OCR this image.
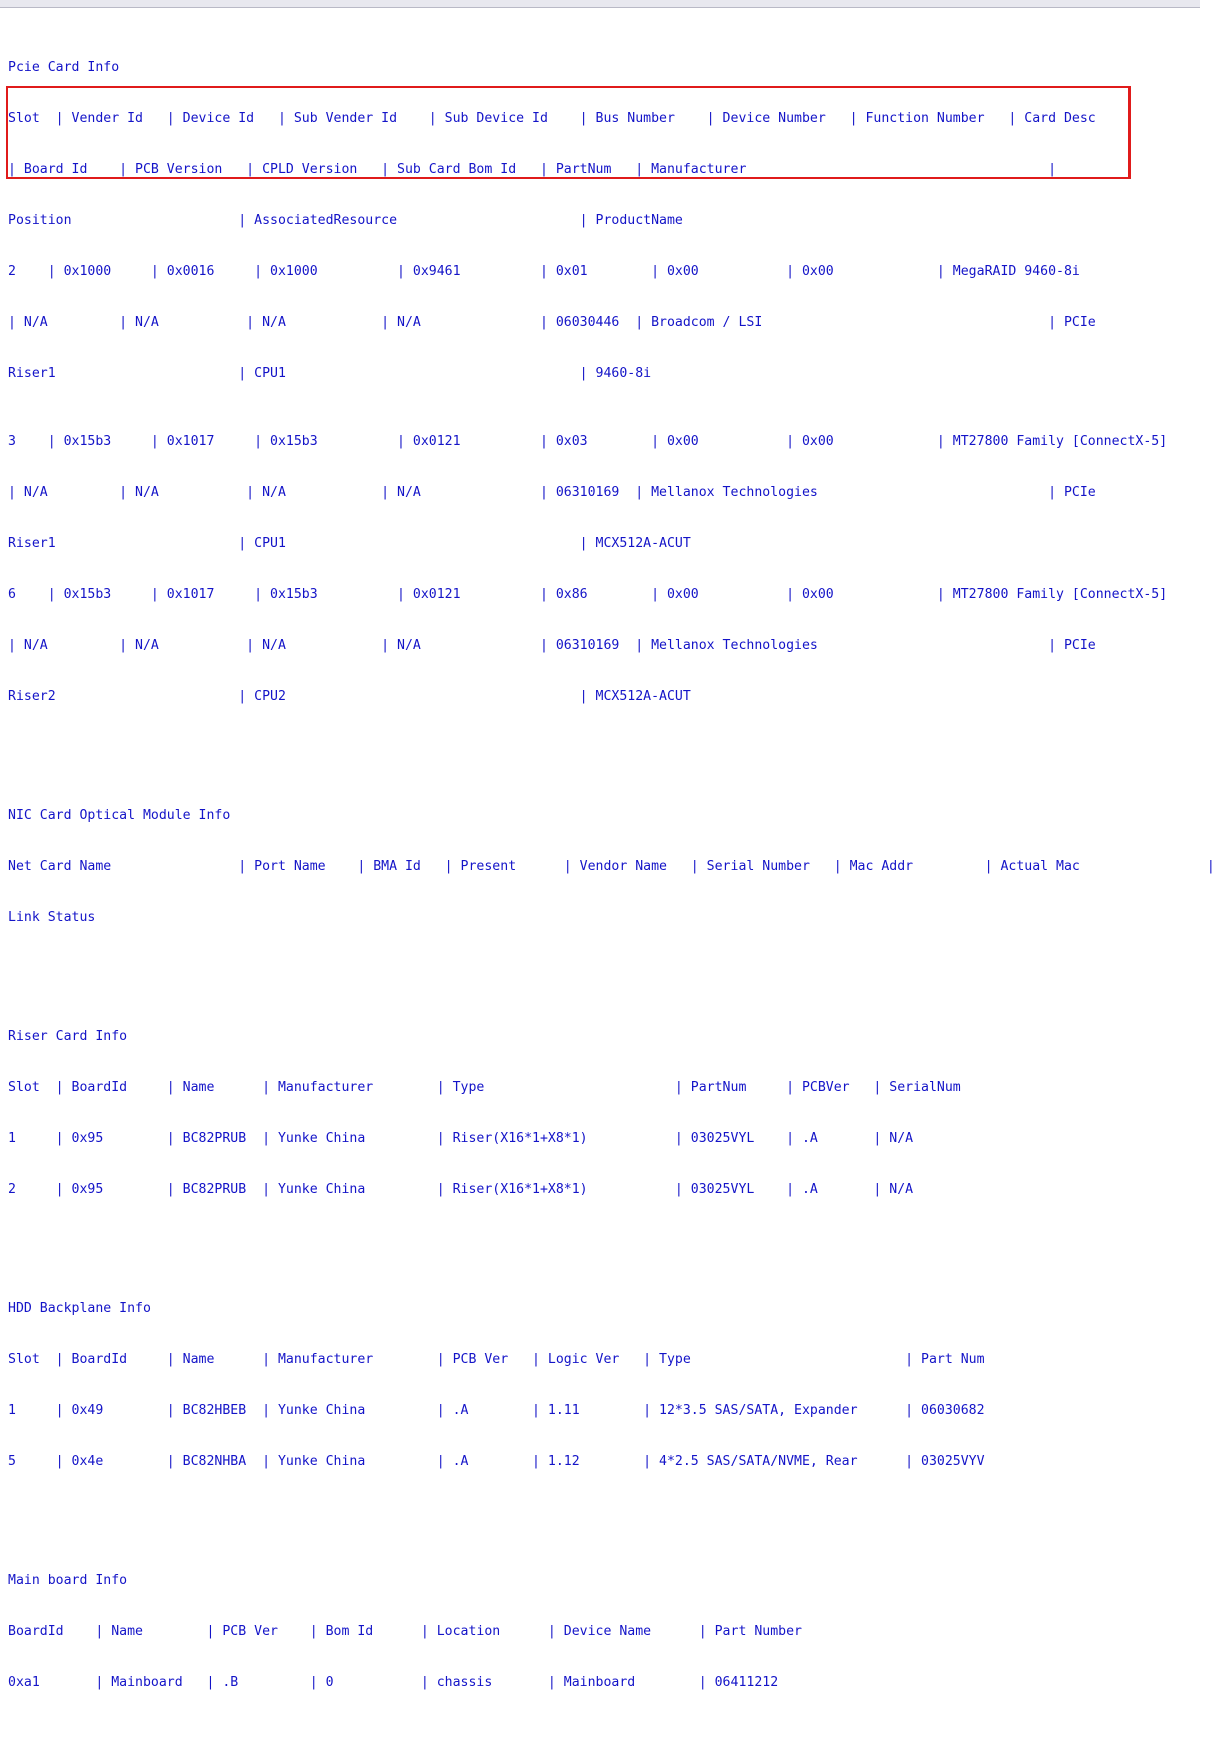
Pcie Card Info

Slot  | Vender Id   | Device Id   | Sub Vender Id    | Sub Device Id    | Bus Number    | Device Number   | Function Number   | Card Desc

| Board Id    | PCB Version   | CPLD Version   | Sub Card Bom Id   | PartNum   | Manufacturer                                      |

Position                     | AssociatedResource                       | ProductName

2    | 0x1000     | 0x0016     | 0x1000          | 0x9461          | 0x01        | 0x00           | 0x00             | MegaRAID 9460-8i

| N/A         | N/A           | N/A            | N/A               | 06030446  | Broadcom / LSI                                    | PCIe

Riser1                       | CPU1                                     | 9460-8i

3    | 0x15b3     | 0x1017     | 0x15b3          | 0x0121          | 0x03        | 0x00           | 0x00             | MT27800 Family [ConnectX-5]

| N/A         | N/A           | N/A            | N/A               | 06310169  | Mellanox Technologies                             | PCIe

Riser1                       | CPU1                                     | MCX512A-ACUT

6    | 0x15b3     | 0x1017     | 0x15b3          | 0x0121          | 0x86        | 0x00           | 0x00             | MT27800 Family [ConnectX-5]

| N/A         | N/A           | N/A            | N/A               | 06310169  | Mellanox Technologies                             | PCIe

Riser2                       | CPU2                                     | MCX512A-ACUT

NIC Card Optical Module Info

Net Card Name                | Port Name    | BMA Id   | Present      | Vendor Name   | Serial Number   | Mac Addr         | Actual Mac                |

Link Status

Riser Card Info

Slot  | BoardId     | Name      | Manufacturer        | Type                        | PartNum     | PCBVer   | SerialNum

1     | 0x95        | BC82PRUB  | Yunke China         | Riser(X16*1+X8*1)           | 03025VYL    | .A       | N/A

2     | 0x95        | BC82PRUB  | Yunke China         | Riser(X16*1+X8*1)           | 03025VYL    | .A       | N/A

HDD Backplane Info

Slot  | BoardId     | Name      | Manufacturer        | PCB Ver   | Logic Ver   | Type                           | Part Num

1     | 0x49        | BC82HBEB  | Yunke China         | .A        | 1.11        | 12*3.5 SAS/SATA, Expander      | 06030682

5     | 0x4e        | BC82NHBA  | Yunke China         | .A        | 1.12        | 4*2.5 SAS/SATA/NVME, Rear      | 03025VYV

Main board Info

BoardId    | Name        | PCB Ver    | Bom Id      | Location      | Device Name      | Part Number

0xa1       | Mainboard   | .B         | 0           | chassis       | Mainboard        | 06411212
